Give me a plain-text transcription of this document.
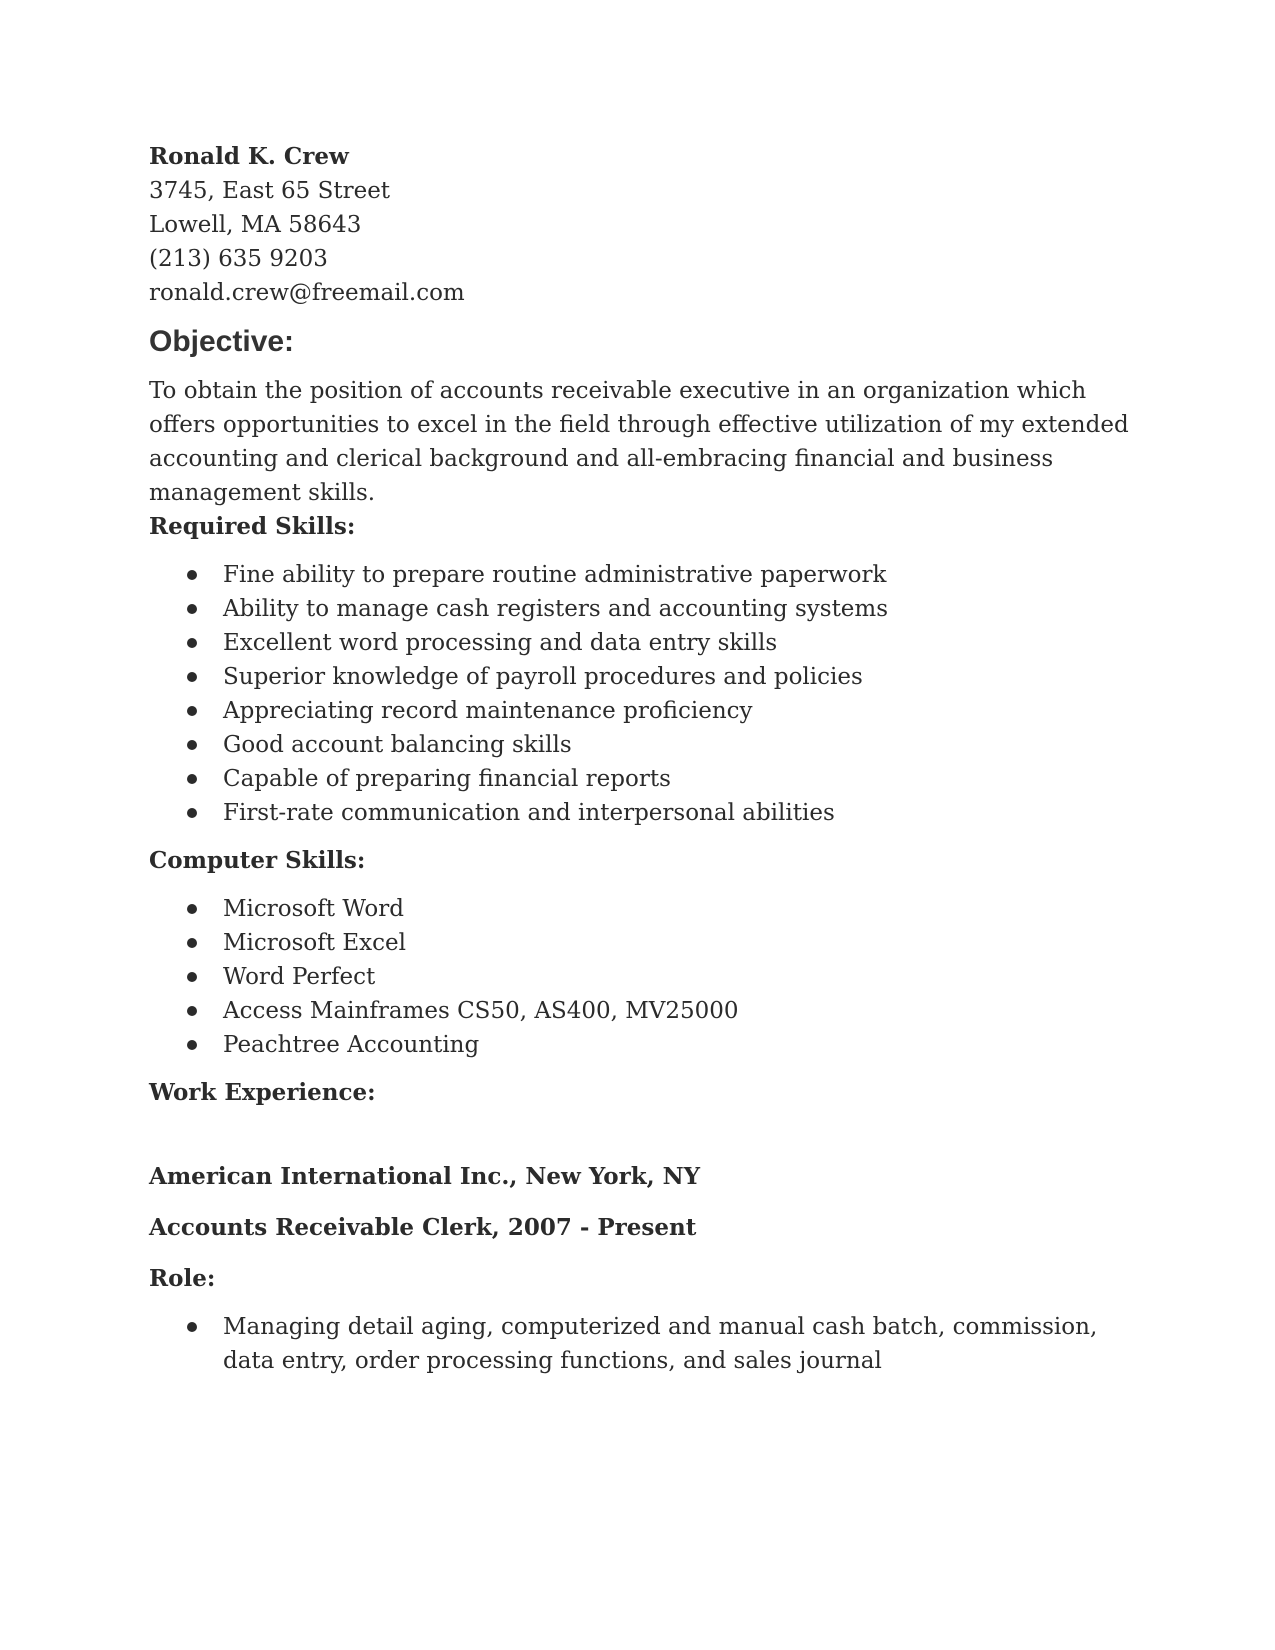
Ronald K. Crew

3745, East 65 Street

Lowell, MA 58643

(213) 635 9203

ronald.crew@freemail.com

Objective:

To obtain the position of accounts receivable executive in an organization which offers opportunities to excel in the field through effective utilization of my extended accounting and clerical background and all-embracing financial and business management skills.

Required Skills:
Fine ability to prepare routine administrative paperwork
Ability to manage cash registers and accounting systems
Excellent word processing and data entry skills
Superior knowledge of payroll procedures and policies
Appreciating record maintenance proficiency
Good account balancing skills
Capable of preparing financial reports
First-rate communication and interpersonal abilities
Computer Skills:
Microsoft Word
Microsoft Excel
Word Perfect
Access Mainframes CS50, AS400, MV25000
Peachtree Accounting
Work Experience:
American International Inc., New York, NY
Accounts Receivable Clerk, 2007 - Present
Role:
Managing detail aging, computerized and manual cash batch, commission, data entry, order processing functions, and sales journal
